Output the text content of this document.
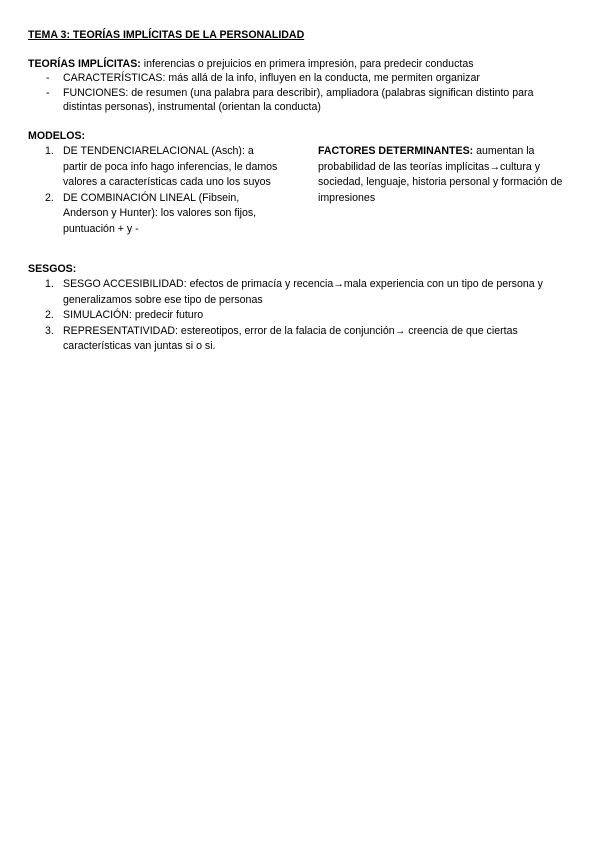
TEMA 3: TEORÍAS IMPLÍCITAS DE LA PERSONALIDAD
TEORÍAS IMPLÍCITAS: inferencias o prejuicios en primera impresión, para predecir conductas
- CARACTERÍSTICAS: más allá de la info, influyen en la conducta, me permiten organizar
- FUNCIONES: de resumen (una palabra para describir), ampliadora (palabras significan distinto para distintas personas), instrumental (orientan la conducta)
MODELOS:
1. DE TENDENCIARELACIONAL (Asch): a partir de poca info hago inferencias, le damos valores a características cada uno los suyos
2. DE COMBINACIÓN LINEAL (Fibsein, Anderson y Hunter): los valores son fijos, puntuación + y -
FACTORES DETERMINANTES: aumentan la probabilidad de las teorías implícitas→cultura y sociedad, lenguaje, historia personal y formación de impresiones
SESGOS:
1. SESGO ACCESIBILIDAD: efectos de primacía y recencia→mala experiencia con un tipo de persona y generalizamos sobre ese tipo de personas
2. SIMULACIÓN: predecir futuro
3. REPRESENTATIVIDAD: estereotipos, error de la falacia de conjunción→ creencia de que ciertas características van juntas si o si.
